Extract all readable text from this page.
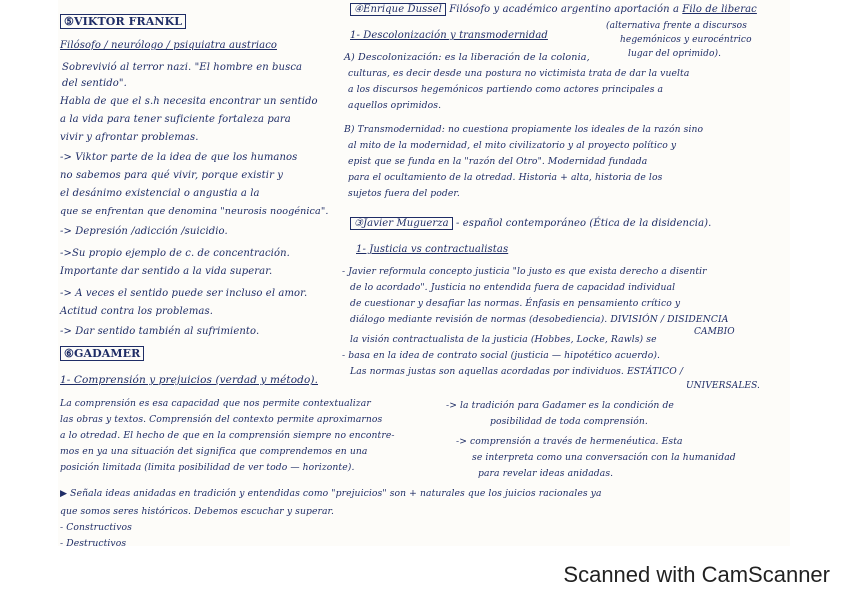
⑤VIKTOR FRANKL
Filósofo / neurólogo / psiquiatra austriaco
Sobrevivió al terror nazi. "El hombre en busca
del sentido".
Habla de que el s.h necesita encontrar un sentido
a la vida para tener suficiente fortaleza para
vivir y afrontar problemas.
-> Viktor parte de la idea de que los humanos
no sabemos para qué vivir, porque existir y
el desánimo existencial o angustia a la
que se enfrentan que denomina "neurosis noogénica".
-> Depresión /adicción /suicidio.
->Su propio ejemplo de c. de concentración.
Importante dar sentido a la vida superar.
-> A veces el sentido puede ser incluso el amor.
Actitud contra los problemas.
-> Dar sentido también al sufrimiento.
⑥GADAMER
1- Comprensión y prejuicios (verdad y método).
La comprensión es esa capacidad que nos permite contextualizar
las obras y textos. Comprensión del contexto permite aproximarnos
a lo otredad. El hecho de que en la comprensión siempre no encontre-
mos en ya una situación det significa que comprendemos en una
posición limitada (limita posibilidad de ver todo — horizonte).
④Enrique Dussel Filósofo y académico argentino aportación a Filo de liberac
(alternativa frente a discursos
hegemónicos y eurocéntrico
lugar del oprimido).
1- Descolonización y transmodernidad
A) Descolonización: es la liberación de la colonia,
culturas, es decir desde una postura no victimista trata de dar la vuelta
a los discursos hegemónicos partiendo como actores principales a
aquellos oprimidos.
B) Transmodernidad: no cuestiona propiamente los ideales de la razón sino
al mito de la modernidad, el mito civilizatorio y al proyecto político y
epist que se funda en la "razón del Otro". Modernidad fundada
para el ocultamiento de la otredad. Historia + alta, historia de los
sujetos fuera del poder.
③Javier Muguerza - español contemporáneo (Ética de la disidencia).
1- Justicia vs contractualistas
- Javier reformula concepto justicia "lo justo es que exista derecho a disentir
de lo acordado". Justicia no entendida fuera de capacidad individual
de cuestionar y desafiar las normas. Énfasis en pensamiento crítico y
diálogo mediante revisión de normas (desobediencia). DIVISIÓN / DISIDENCIA
CAMBIO
la visión contractualista de la justicia (Hobbes, Locke, Rawls) se
- basa en la idea de contrato social (justicia — hipotético acuerdo).
Las normas justas son aquellas acordadas por individuos. ESTÁTICO /
UNIVERSALES.
-> la tradición para Gadamer es la condición de
posibilidad de toda comprensión.
-> comprensión a través de hermenéutica. Esta
se interpreta como una conversación con la humanidad
para revelar ideas anidadas.
▶ Señala ideas anidadas en tradición y entendidas como "prejuicios" son + naturales que los juicios racionales ya
que somos seres históricos. Debemos escuchar y superar.
- Constructivos
- Destructivos
Scanned with CamScanner
